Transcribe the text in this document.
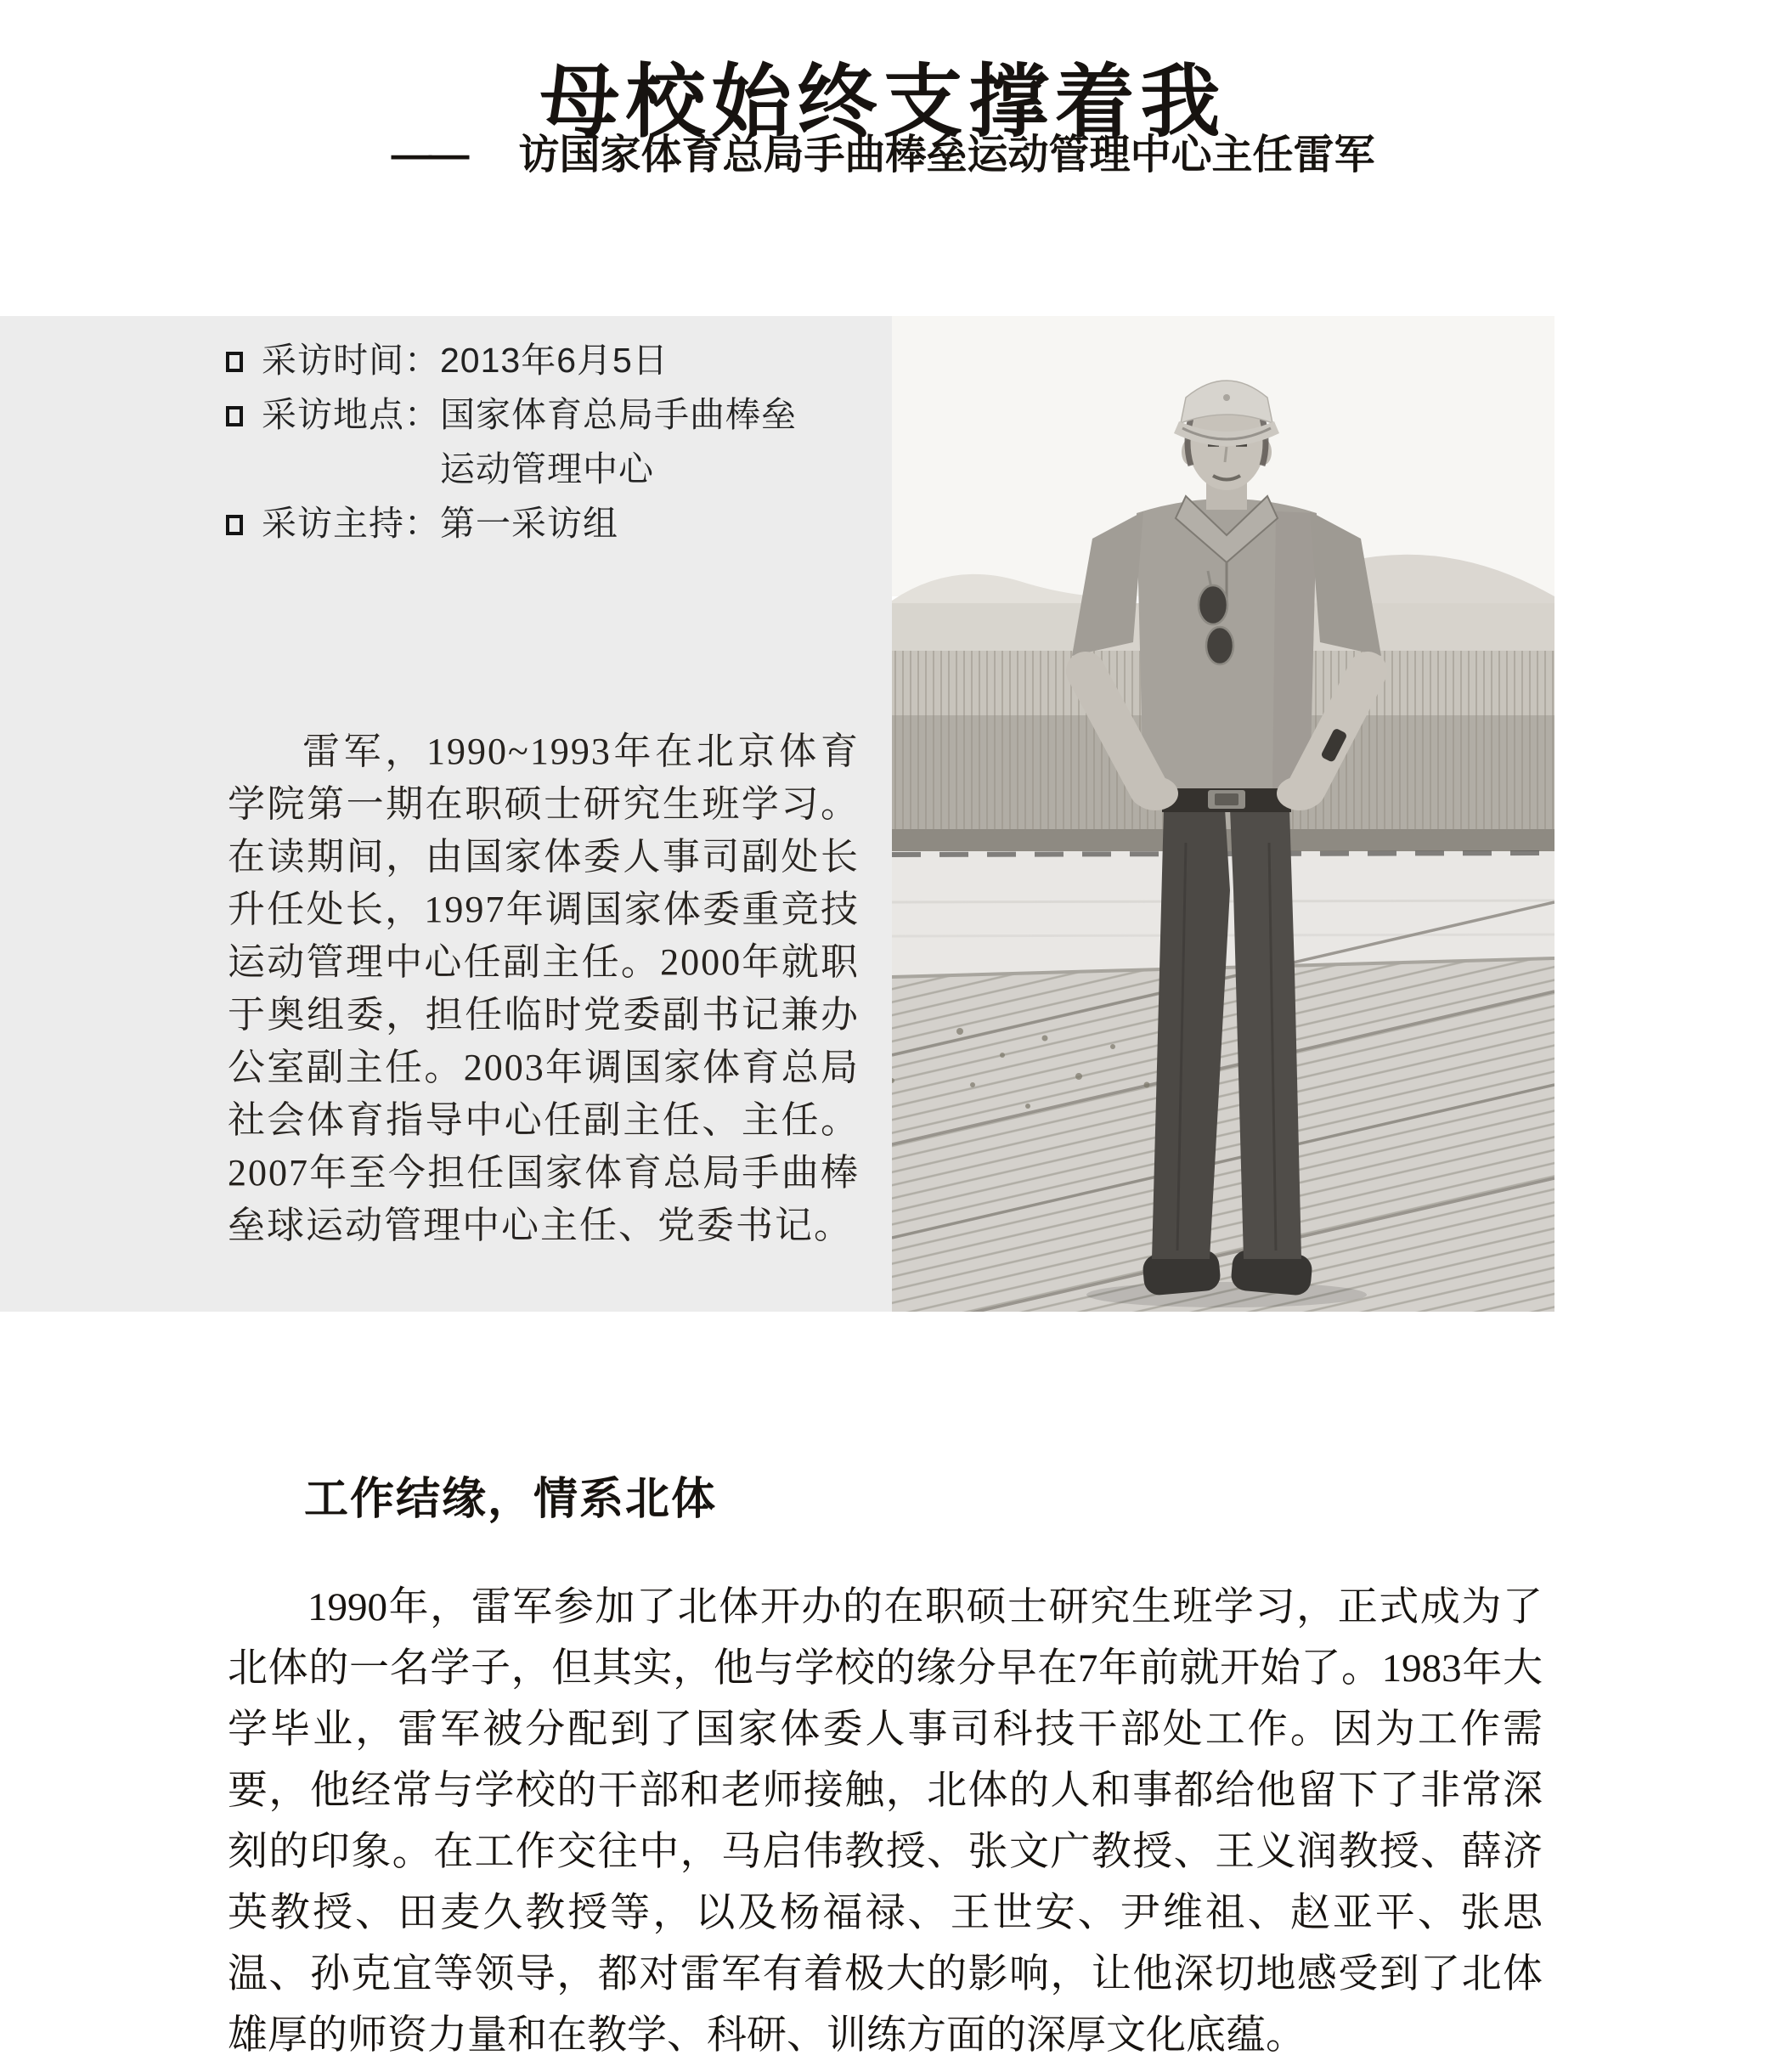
母校始终支撑着我
—— 访国家体育总局手曲棒垒运动管理中心主任雷军
采访时间： 2013年6月5日
采访地点： 国家体育总局手曲棒垒
运动管理中心
采访主持： 第一采访组

雷军，1990~1993年在北京体育学院第一期在职硕士研究生班学习。在读期间，由国家体委人事司副处长升任处长，1997年调国家体委重竞技运动管理中心任副主任。2000年就职于奥组委，担任临时党委副书记兼办公室副主任。2003年调国家体育总局社会体育指导中心任副主任、主任。2007年至今担任国家体育总局手曲棒垒球运动管理中心主任、党委书记。

工作结缘，情系北体

1990年，雷军参加了北体开办的在职硕士研究生班学习，正式成为了北体的一名学子，但其实，他与学校的缘分早在7年前就开始了。1983年大学毕业，雷军被分配到了国家体委人事司科技干部处工作。因为工作需要，他经常与学校的干部和老师接触，北体的人和事都给他留下了非常深刻的印象。在工作交往中，马启伟教授、张文广教授、王义润教授、薛济英教授、田麦久教授等，以及杨福禄、王世安、尹维祖、赵亚平、张思温、孙克宜等领导，都对雷军有着极大的影响，让他深切地感受到了北体雄厚的师资力量和在教学、科研、训练方面的深厚文化底蕴。
